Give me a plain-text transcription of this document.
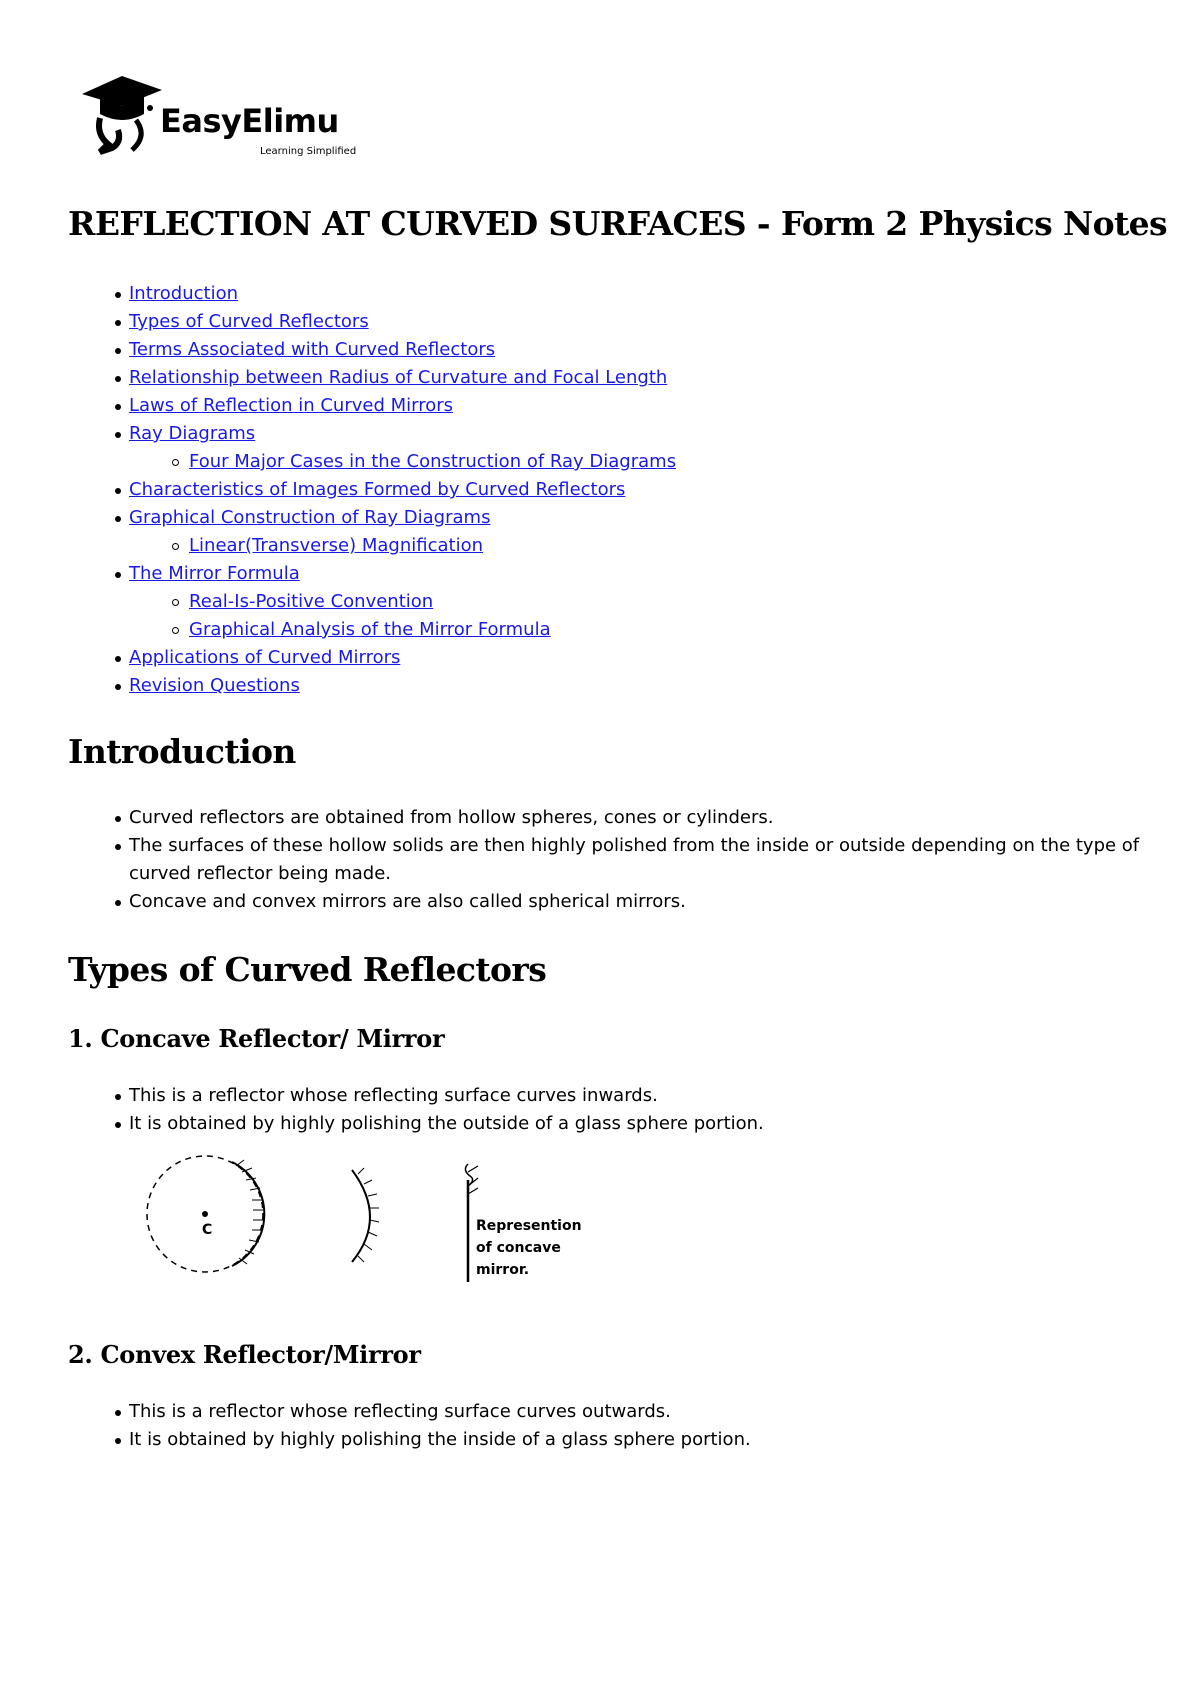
EasyElimu
Learning Simplified
REFLECTION AT CURVED SURFACES - Form 2 Physics Notes
Introduction
Types of Curved Reflectors
Terms Associated with Curved Reflectors
Relationship between Radius of Curvature and Focal Length
Laws of Reflection in Curved Mirrors
Ray Diagrams
Four Major Cases in the Construction of Ray Diagrams
Characteristics of Images Formed by Curved Reflectors
Graphical Construction of Ray Diagrams
Linear(Transverse) Magnification
The Mirror Formula
Real-Is-Positive Convention
Graphical Analysis of the Mirror Formula
Applications of Curved Mirrors
Revision Questions
Introduction
Curved reflectors are obtained from hollow spheres, cones or cylinders.
The surfaces of these hollow solids are then highly polished from the inside or outside depending on the type of curved reflector being made.
Concave and convex mirrors are also called spherical mirrors.
Types of Curved Reflectors
1. Concave Reflector/ Mirror
This is a reflector whose reflecting surface curves inwards.
It is obtained by highly polishing the outside of a glass sphere portion.
C	Represention
of concave
mirror.
2. Convex Reflector/Mirror
This is a reflector whose reflecting surface curves outwards.
It is obtained by highly polishing the inside of a glass sphere portion.
